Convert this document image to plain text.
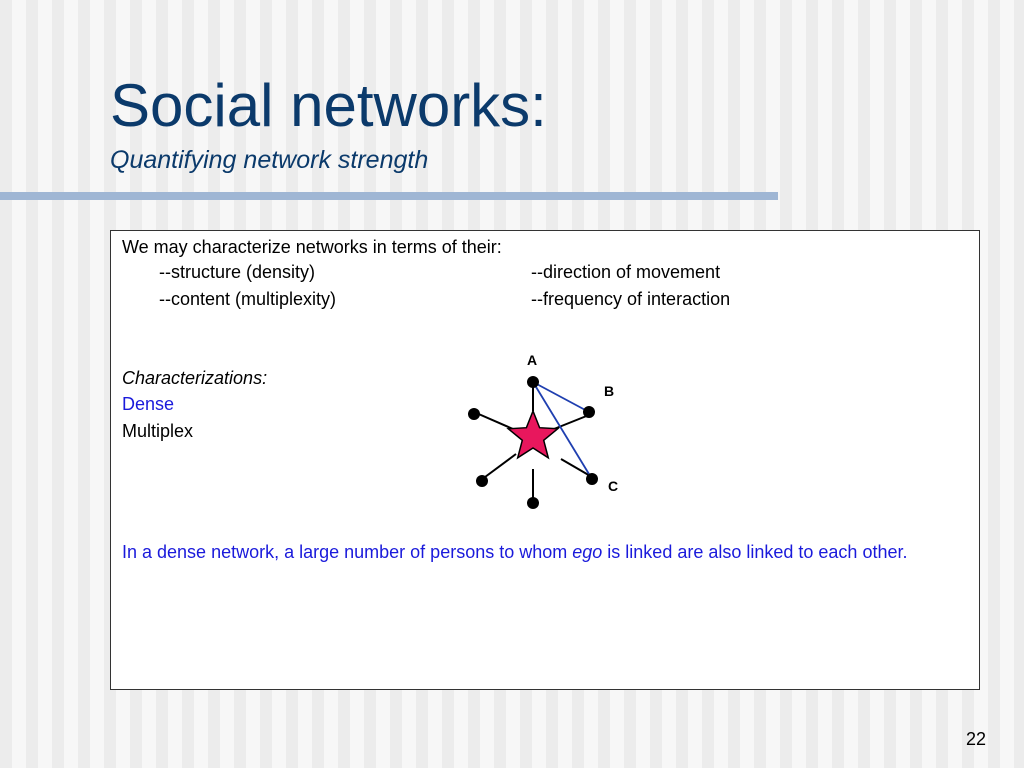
Social networks:
Quantifying network strength
We may characterize networks in terms of their:
--structure (density)	--direction of movement
--content (multiplexity)	--frequency of interaction
Characterizations:
Dense
Multiplex
A
B
C
In a dense network, a large number of persons to whom ego is linked are also linked to each other.
22
